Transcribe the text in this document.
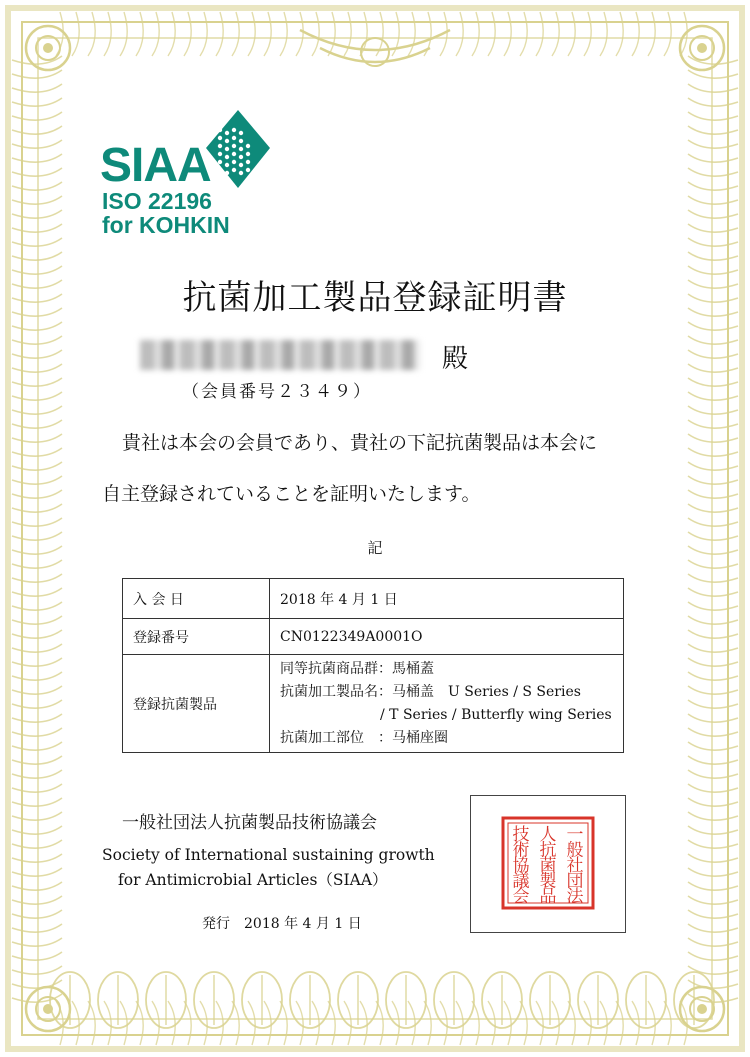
SIAA
ISO 22196
for KOHKIN
抗菌加工製品登録証明書
殿
（会員番号２３４９）
貴社は本会の会員であり、貴社の下記抗菌製品は本会に
自主登録されていることを証明いたします。
記
入 会 日	2018 年 4 月 1 日
登録番号	CN0122349A0001O
登録抗菌製品	同等抗菌商品群：馬桶蓋
抗菌加工製品名：马桶盖　U Series / S Series
/ T Series / Butterfly wing Series
抗菌加工部位　：马桶座圈
一般社団法人抗菌製品技術協議会
Society of International sustaining growth
for Antimicrobial Articles（SIAA）
発行　2018 年 4 月 1 日
一
般
社
団
法
人
抗
菌
製
品
技
術
協
議
会
